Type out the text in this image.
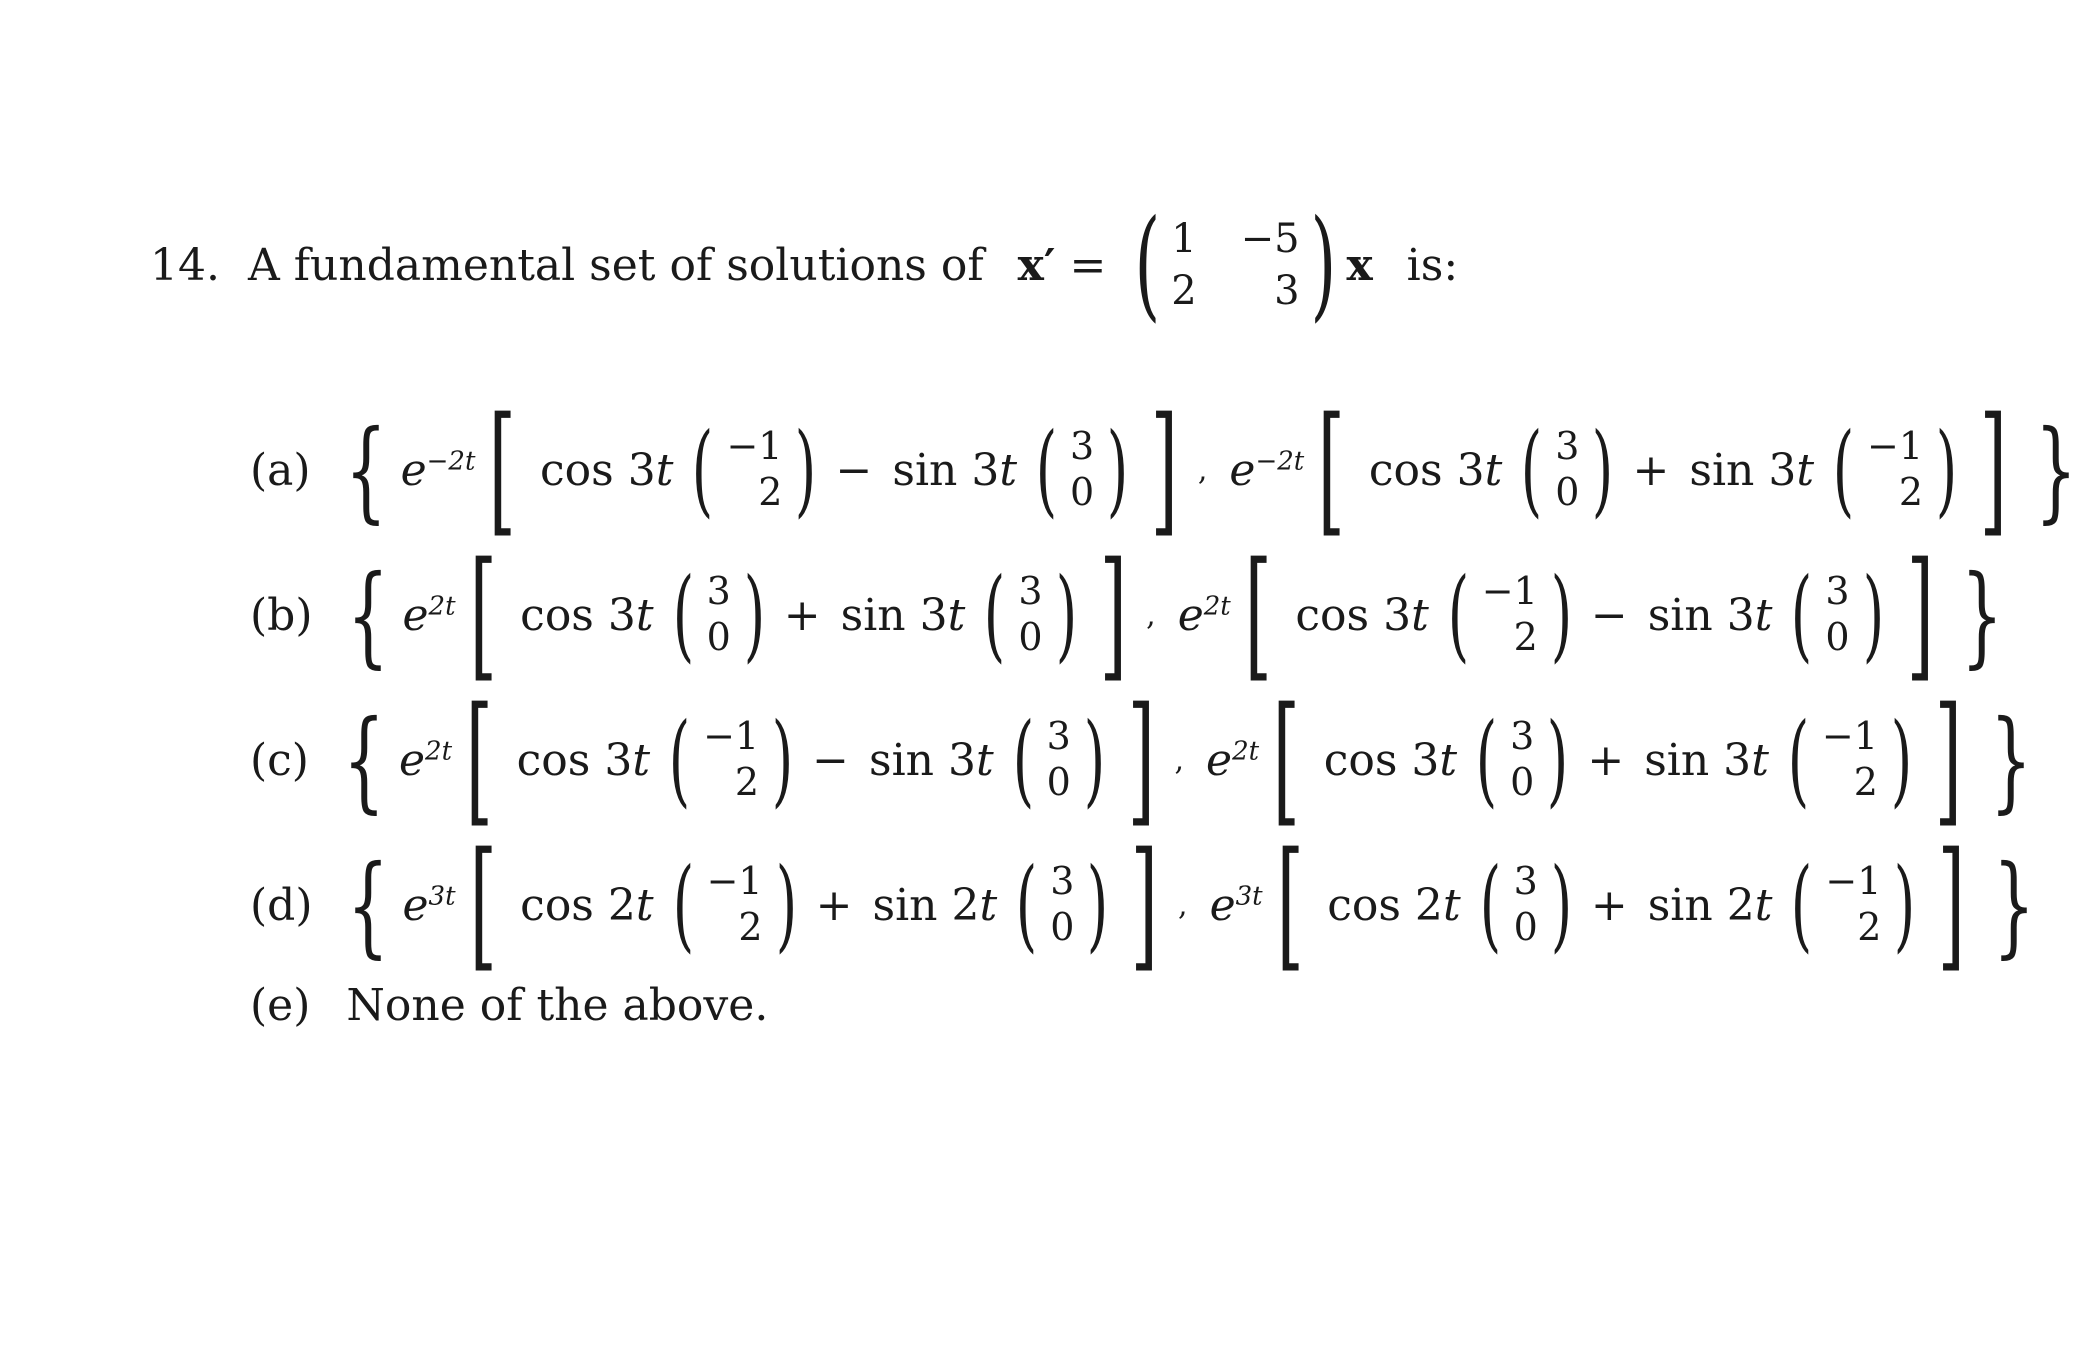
14. A fundamental set of solutions of x′ = ( 1 −5
2	3 ) x is:
(a) { $e^{-2t}$ [ cos 3t ( −1
2 ) − sin 3t ( 3
0 ) ] , $e^{-2t}$ [ cos 3t ( 3
0 ) + sin 3t ( −1
2 ) ] }
(b) { $e^{2t}$ [ cos 3t ( 3
0 ) + sin 3t ( 3
0 ) ] , $e^{2t}$ [ cos 3t ( −1
2 ) − sin 3t ( 3
0 ) ] }
(c) { $e^{2t}$ [ cos 3t ( −1
2 ) − sin 3t ( 3
0 ) ] , $e^{2t}$ [ cos 3t ( 3
0 ) + sin 3t ( −1
2 ) ] }
(d) { $e^{3t}$ [ cos 2t ( −1
2 ) + sin 2t ( 3
0 ) ] , $e^{3t}$ [ cos 2t ( 3
0 ) + sin 2t ( −1
2 ) ] }
(e) None of the above.
